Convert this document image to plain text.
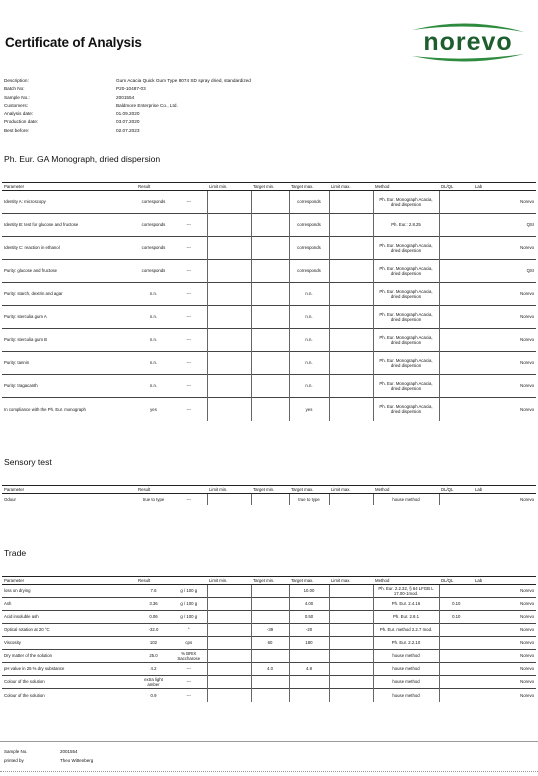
Certificate of Analysis	norevo
Description:	Gum Acacia Quick Gum Type 8074 SD spray dried, standardized
Batch No:	P20-10487-03
Sample No.:	2001554
Customers:	Baldmore Enterprise Co., Ltd.
Analysis date:	01.09.2020
Production date:	03.07.2020
Best before:	02.07.2023
Ph. Eur. GA Monograph, dried dispersion
Parameter	Result		Limit min.	Target min.	Target max.	Limit max.	Method	DL/QL	Lab
Identity A: microscopy	corresponds	---			corresponds		Ph. Eur. Monograph Acacia, dried dispersion		Norevo
Identity B: test for glucose and fructose	corresponds	---			corresponds		Ph. Eur.: 2.8.25		QSI
Identity C: reaction in ethanol	corresponds	---			corresponds		Ph. Eur. Monograph Acacia, dried dispersion		Norevo
Purity: glucose and fructose	corresponds	---			corresponds		Ph. Eur. Monograph Acacia, dried dispersion		QSI
Purity: starch, dextrin and agar	n.n.	---			n.n.		Ph. Eur. Monograph Acacia, dried dispersion		Norevo
Purity: sterculia gum A	n.n.	---			n.n.		Ph. Eur. Monograph Acacia, dried dispersion		Norevo
Purity: sterculia gum B	n.n.	---			n.n.		Ph. Eur. Monograph Acacia, dried dispersion		Norevo
Purity: tannin	n.n.	---			n.n.		Ph. Eur. Monograph Acacia, dried dispersion		Norevo
Purity: tragacanth	n.n.	---			n.n.		Ph. Eur. Monograph Acacia, dried dispersion		Norevo
In compliance with the Ph. Eur. monograph	yes	---			yes		Ph. Eur. Monograph Acacia, dried dispersion		Norevo
Sensory test
Parameter	Result		Limit min.	Target min.	Target max.	Limit max.	Method	DL/QL	Lab
Odour	true to type	---			true to type		house method		Norevo
Trade
Parameter	Result		Limit min.	Target min.	Target max.	Limit max.	Method	DL/QL	Lab
loss on drying	7.6	g / 100 g			10.00		Ph. Eur. 2.2.32, § 64 LFGB L 17.00-1mod.		Norevo
Ash	3.36	g / 100 g			4.00		Ph. Eur. 2.4.16	0.10	Norevo
Acid insoluble ash	0.06	g / 100 g			0.50		Ph. Eur. 2.8.1	0.10	Norevo
Optical rotation at 20 °C	-32.0	°		-39	-20		Ph. Eur. method 2.2.7 mod.		Norevo
Viscosity	102	cps		60	180		Ph. Eur. 2.2.10		Norevo
Dry matter of the solution	25.0	% BRIX Saccharose					house method		Norevo
pH value in 25 % dry substance	4.2	---		4.0	4.8		house method		Norevo
Colour of the solution	extra light amber	---					house method		Norevo
Colour of the solution	0.9	---					house method		Norevo
Sample No.	2001554
printed by	Theo Wittenberg
